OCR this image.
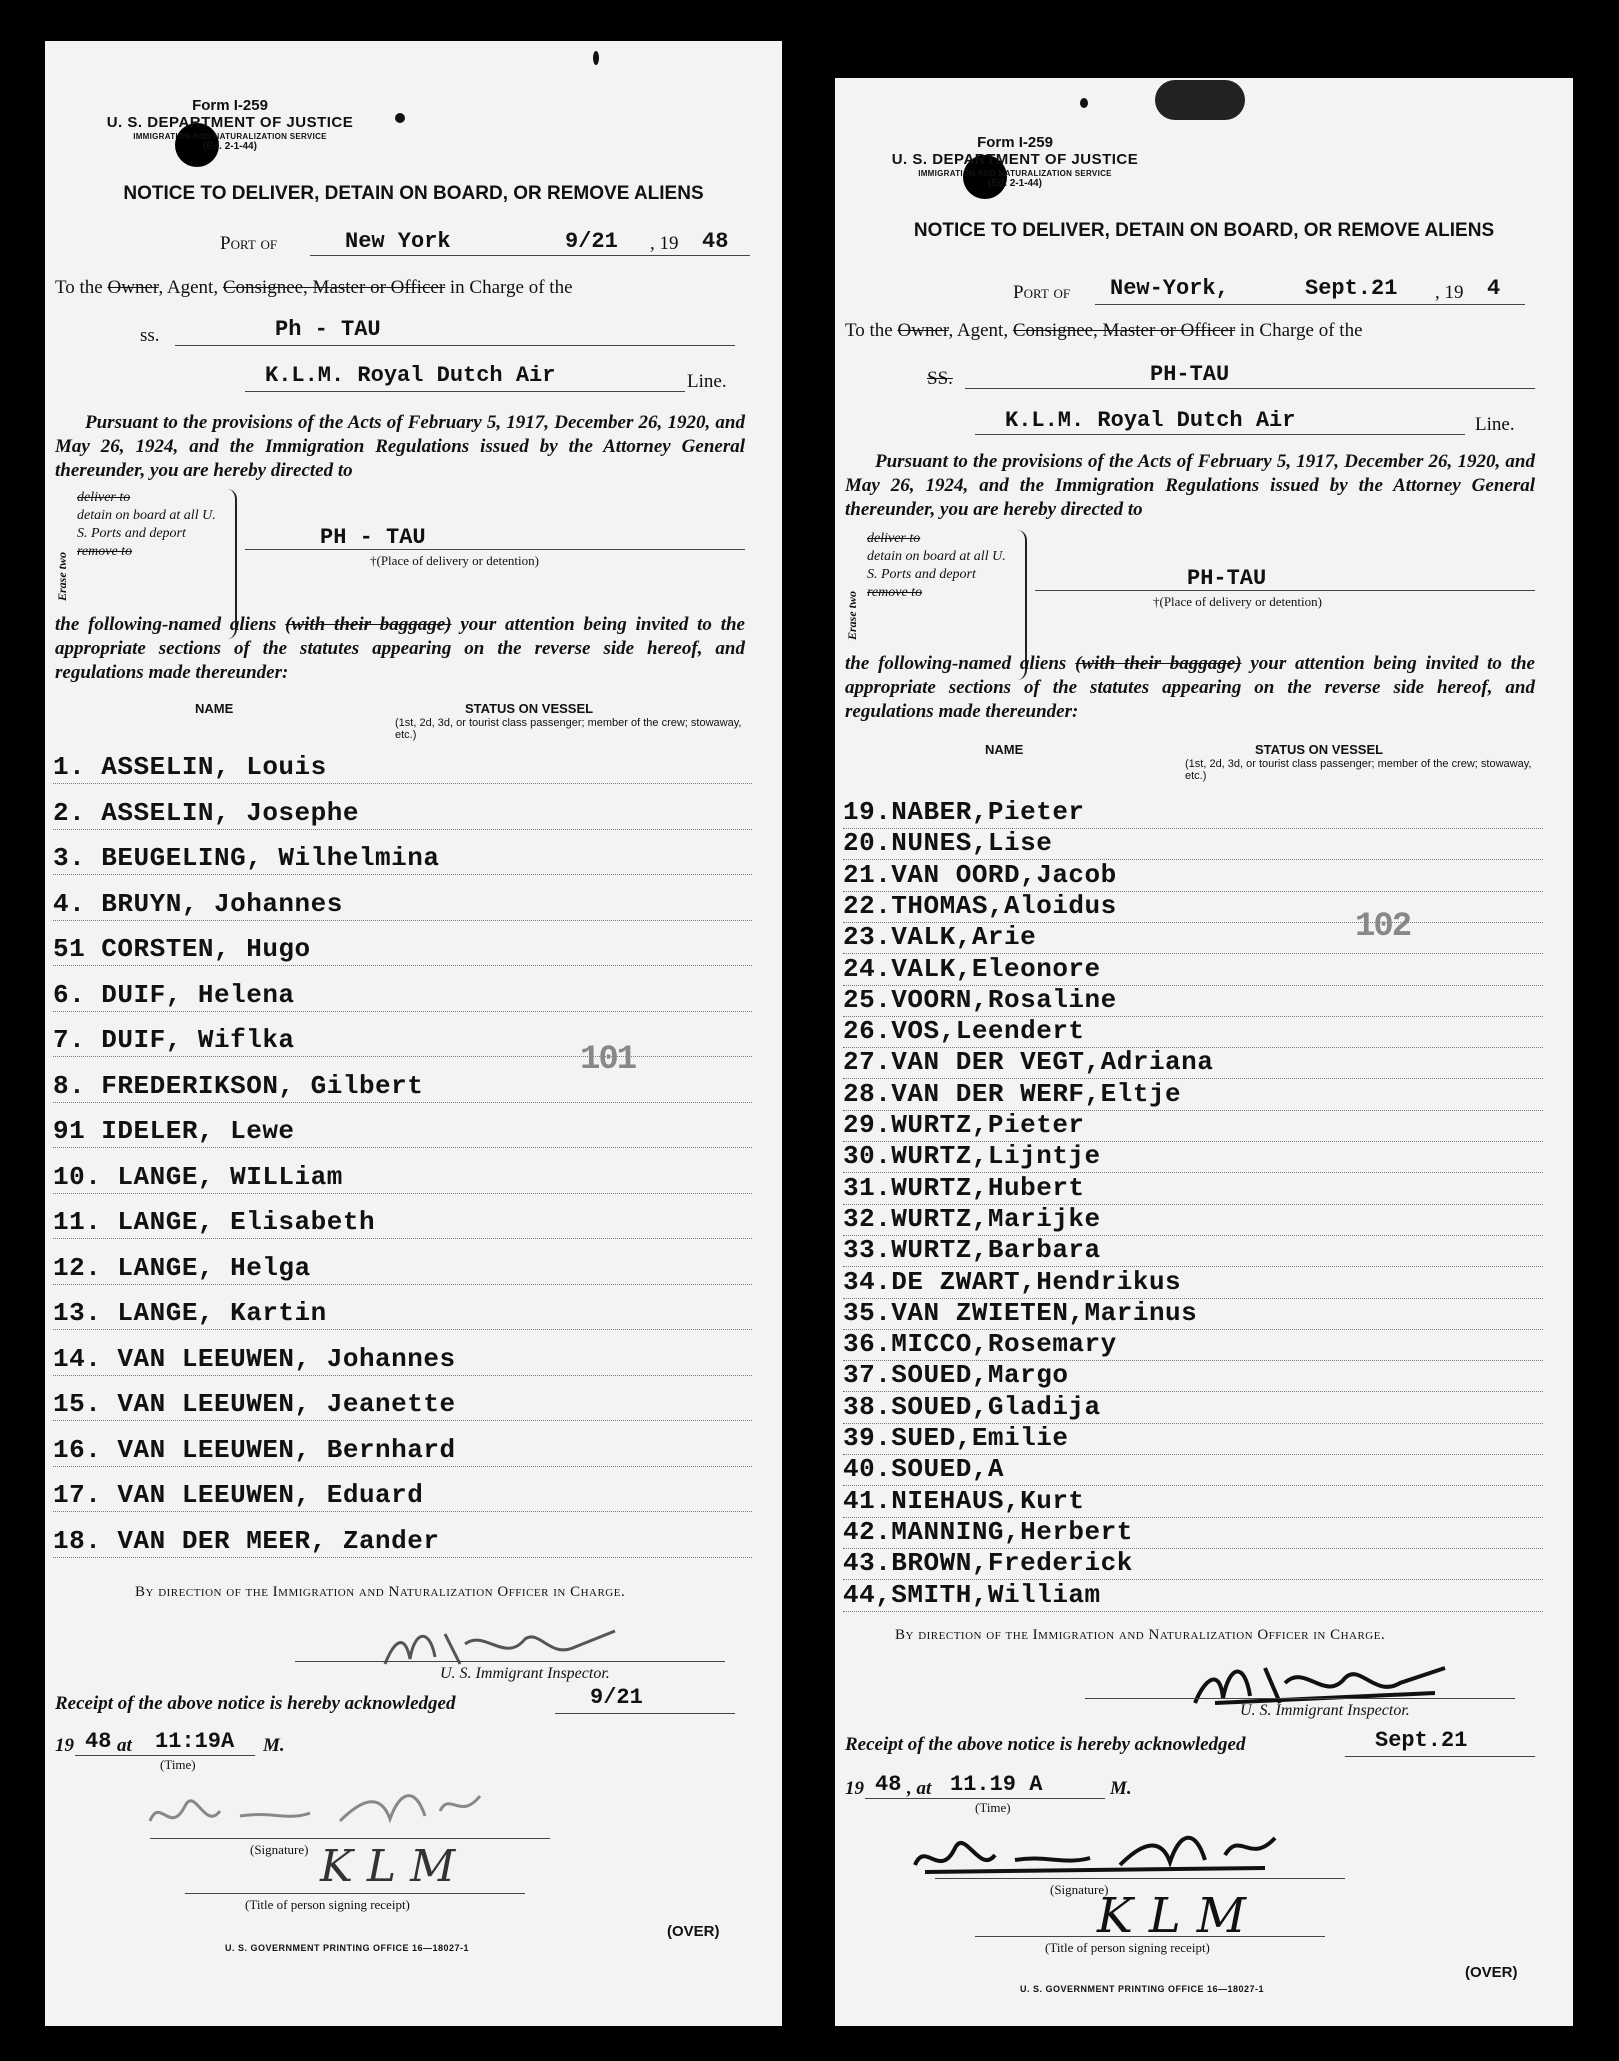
Form I-259
U. S. DEPARTMENT OF JUSTICE
IMMIGRATION AND NATURALIZATION SERVICE
(Ed. 2-1-44)
NOTICE TO DELIVER, DETAIN ON BOARD, OR REMOVE ALIENS
Port of	New York	9/21 , 19 48
To the Owner, Agent, Consignee, Master or Officer in Charge of the
ss.	Ph - TAU
K.L.M. Royal Dutch Air	Line.
Pursuant to the provisions of the Acts of February 5, 1917, December 26, 1920, and May 26, 1924, and the Immigration Regulations issued by the Attorney General thereunder, you are hereby directed to
Erase two
deliver to
detain on board at all U. S. Ports and deport
remove to
PH - TAU
†(Place of delivery or detention)
the following-named aliens (with their baggage) your attention being invited to the appropriate sections of the statutes appearing on the reverse side hereof, and regulations made thereunder:
NAME	STATUS ON VESSEL
(1st, 2d, 3d, or tourist class passenger; member of the crew; stowaway, etc.)
1. ASSELIN, Louis
2. ASSELIN, Josephe
3. BEUGELING, Wilhelmina
4. BRUYN, Johannes
51 CORSTEN, Hugo
6. DUIF, Helena
7. DUIF, Wiflka
8. FREDERIKSON, Gilbert
91 IDELER, Lewe
10. LANGE, WILLiam
11. LANGE, Elisabeth
12. LANGE, Helga
13. LANGE, Kartin
14. VAN LEEUWEN, Johannes
15. VAN LEEUWEN, Jeanette
16. VAN LEEUWEN, Bernhard
17. VAN LEEUWEN, Eduard
18. VAN DER MEER, Zander
101
By direction of the Immigration and Naturalization Officer in Charge.
U. S. Immigrant Inspector.
Receipt of the above notice is hereby acknowledged	9/21
19 48 at 11:19A M.
(Time)
(Signature) KLM
(Title of person signing receipt)
U. S. GOVERNMENT PRINTING OFFICE 16—18027-1
(OVER)
Form I-259
U. S. DEPARTMENT OF JUSTICE
IMMIGRATION AND NATURALIZATION SERVICE
(Ed. 2-1-44)
NOTICE TO DELIVER, DETAIN ON BOARD, OR REMOVE ALIENS
Port of New-York,	Sept.21 , 19 4
To the Owner, Agent, Consignee, Master or Officer in Charge of the
SS.	PH-TAU
K.L.M. Royal Dutch Air	Line.
Pursuant to the provisions of the Acts of February 5, 1917, December 26, 1920, and May 26, 1924, and the Immigration Regulations issued by the Attorney General thereunder, you are hereby directed to
Erase two
deliver to
detain on board at all U. S. Ports and deport
remove to
PH-TAU
†(Place of delivery or detention)
the following-named aliens (with their baggage) your attention being invited to the appropriate sections of the statutes appearing on the reverse side hereof, and regulations made thereunder:
NAME	STATUS ON VESSEL
(1st, 2d, 3d, or tourist class passenger; member of the crew; stowaway, etc.)
19.NABER,Pieter
20.NUNES,Lise
21.VAN OORD,Jacob
22.THOMAS,Aloidus
23.VALK,Arie
24.VALK,Eleonore
25.VOORN,Rosaline
26.VOS,Leendert
27.VAN DER VEGT,Adriana
28.VAN DER WERF,Eltje
29.WURTZ,Pieter
30.WURTZ,Lijntje
31.WURTZ,Hubert
32.WURTZ,Marijke
33.WURTZ,Barbara
34.DE ZWART,Hendrikus
35.VAN ZWIETEN,Marinus
36.MICCO,Rosemary
37.SOUED,Margo
38.SOUED,Gladija
39.SUED,Emilie
40.SOUED,A
41.NIEHAUS,Kurt
42.MANNING,Herbert
43.BROWN,Frederick
44,SMITH,William
102
By direction of the Immigration and Naturalization Officer in Charge.
U. S. Immigrant Inspector.
Receipt of the above notice is hereby acknowledged	Sept.21
19 48 , at 11.19 A	M.
(Time)
(Signature)
KLM
(Title of person signing receipt)
U. S. GOVERNMENT PRINTING OFFICE 16—18027-1
(OVER)
